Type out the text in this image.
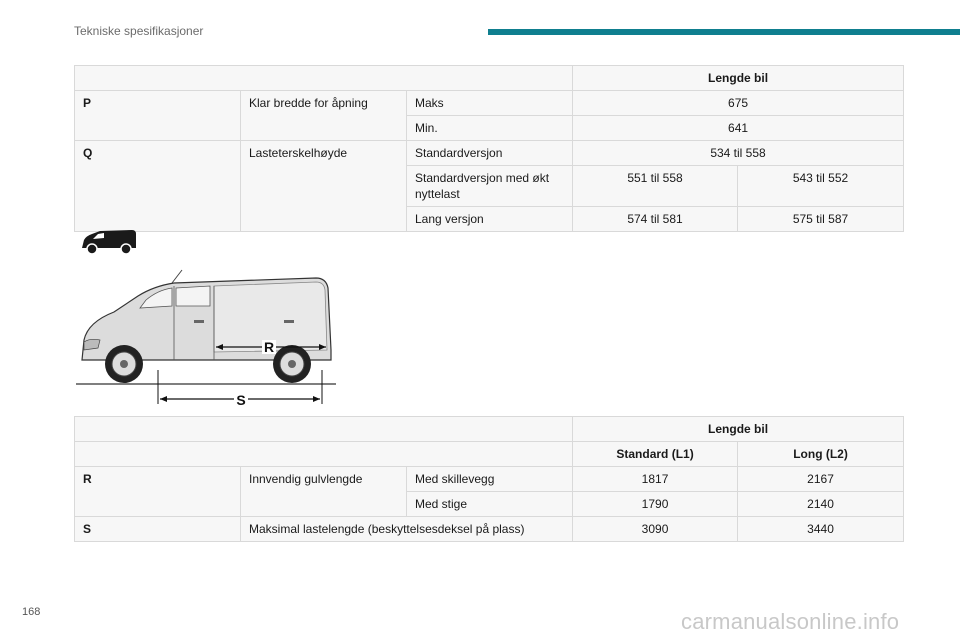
Tekniske spesifikasjoner
			Lengde bil	
P	Klar bredde for åpning	Maks	675	
		Min.	641	
Q	Lasteterskelhøyde	Standardversjon	534 til 558	
		Standardversjon med økt nyttelast	551 til 558	543 til 552
		Lang versjon	574 til 581	575 til 587
R
S
			Lengde bil	
			Standard (L1)	Long (L2)
R	Innvendig gulvlengde	Med skillevegg	1817	2167
		Med stige	1790	2140
S	Maksimal lastelengde (beskyttelsesdeksel på plass)		3090	3440
168	carmanualsonline.info
